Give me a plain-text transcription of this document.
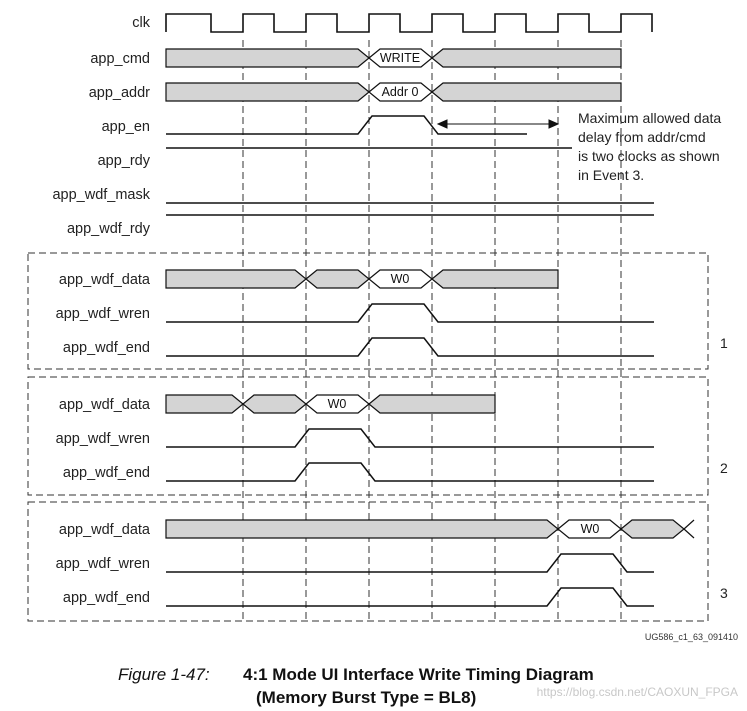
clk
app_cmd
app_addr
app_en
app_rdy
app_wdf_mask
app_wdf_rdy
app_wdf_data
app_wdf_wren
app_wdf_end
app_wdf_data
app_wdf_wren
app_wdf_end
app_wdf_data
app_wdf_wren
app_wdf_end
WRITE
Addr 0
Maximum allowed data
delay from addr/cmd
is two clocks as shown
in Event 3.
W0
1
W0
2
W0
3
UG586_c1_63_091410
Figure 1-47: 4:1 Mode UI Interface Write Timing Diagram
(Memory Burst Type = BL8)	https://blog.csdn.net/CAOXUN_FPGA
